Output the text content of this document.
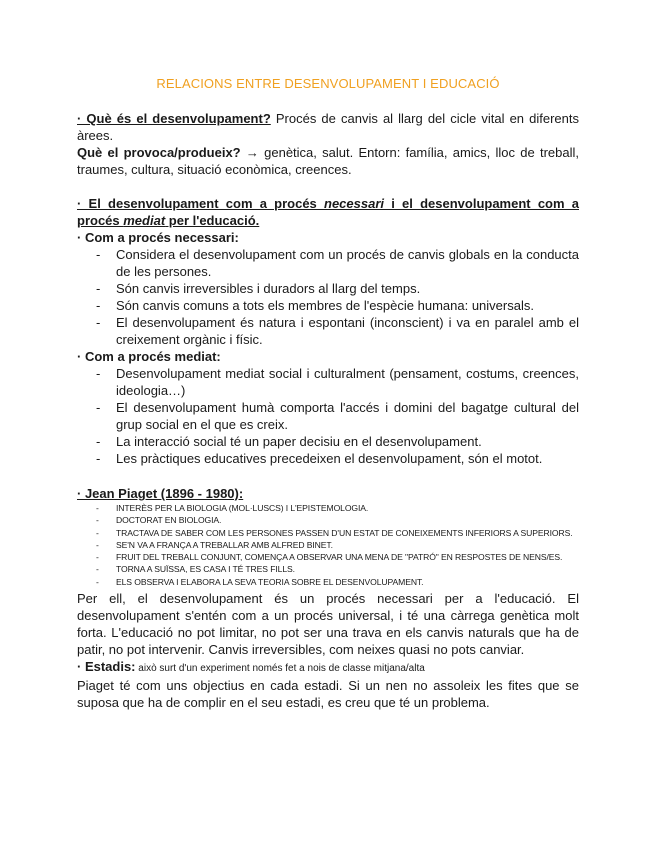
RELACIONS ENTRE DESENVOLUPAMENT I EDUCACIÓ

· Què és el desenvolupament? Procés de canvis al llarg del cicle vital en diferents àrees.

Què el provoca/produeix? → genètica, salut. Entorn: família, amics, lloc de treball, traumes, cultura, situació econòmica, creences.

· El desenvolupament com a procés necessari i el desenvolupament com a procés mediat per l'educació.

· Com a procés necessari:

- Considera el desenvolupament com un procés de canvis globals en la conducta de les persones.
- Són canvis irreversibles i duradors al llarg del temps.
- Són canvis comuns a tots els membres de l'espècie humana: universals.
- El desenvolupament és natura i espontani (inconscient) i va en paralel amb el creixement orgànic i físic.

· Com a procés mediat:

- Desenvolupament mediat social i culturalment (pensament, costums, creences, ideologia…)
- El desenvolupament humà comporta l'accés i domini del bagatge cultural del grup social en el que es creix.
- La interacció social té un paper decisiu en el desenvolupament.
- Les pràctiques educatives precedeixen el desenvolupament, són el motot.

· Jean Piaget (1896 - 1980):

- INTERÈS PER LA BIOLOGIA (MOL·LUSCS) I L'EPISTEMOLOGIA.
- DOCTORAT EN BIOLOGIA.
- TRACTAVA DE SABER COM LES PERSONES PASSEN D'UN ESTAT DE CONEIXEMENTS INFERIORS A SUPERIORS.
- SE'N VA A FRANÇA A TREBALLAR AMB ALFRED BINET.
- FRUIT DEL TREBALL CONJUNT, COMENÇA A OBSERVAR UNA MENA DE "PATRÓ" EN RESPOSTES DE NENS/ES.
- TORNA A SUÏSSA, ES CASA I TÉ TRES FILLS.
- ELS OBSERVA I ELABORA LA SEVA TEORIA SOBRE EL DESENVOLUPAMENT.

Per ell, el desenvolupament és un procés necessari per a l'educació. El desenvolupament s'entén com a un procés universal, i té una càrrega genètica molt forta. L'educació no pot limitar, no pot ser una trava en els canvis naturals que ha de patir, no pot intervenir. Canvis irreversibles, com neixes quasi no pots canviar.

· Estadis: això surt d'un experiment només fet a nois de classe mitjana/alta

Piaget té com uns objectius en cada estadi. Si un nen no assoleix les fites que se suposa que ha de complir en el seu estadi, es creu que té un problema.
